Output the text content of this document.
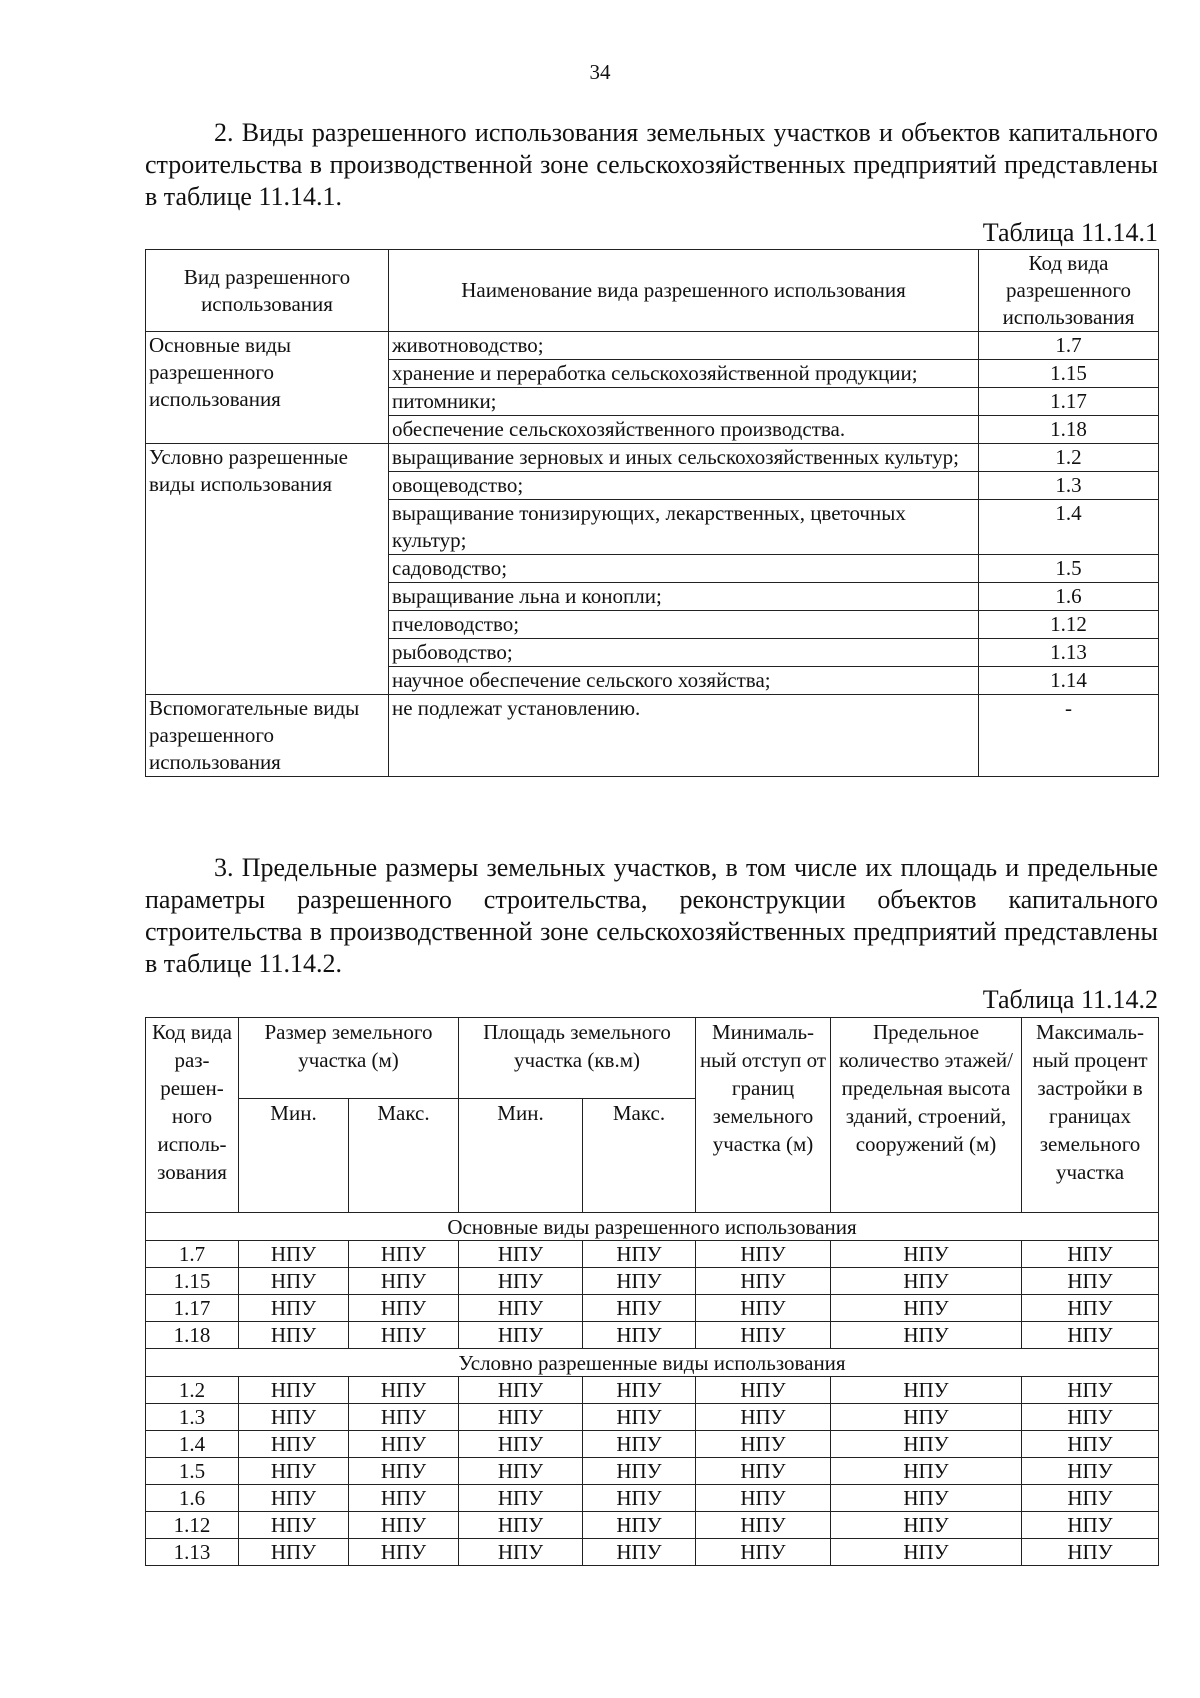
34

2. Виды разрешенного использования земельных участков и объектов капитального строительства в производственной зоне сельскохозяйственных предприятий представлены в таблице 11.14.1.

Таблица 11.14.1
Вид разрешенного использования	Наименование вида разрешенного использования	Код вида разрешенного использования
Основные виды разрешенного использования	животноводство;	1.7
	хранение и переработка сельскохозяйственной продукции;	1.15
	питомники;	1.17
	обеспечение сельскохозяйственного производства.	1.18
Условно разрешенные виды использования	выращивание зерновых и иных сельскохозяйственных культур;	1.2
	овощеводство;	1.3
	выращивание тонизирующих, лекарственных, цветочных культур;	1.4
	садоводство;	1.5
	выращивание льна и конопли;	1.6
	пчеловодство;	1.12
	рыбоводство;	1.13
	научное обеспечение сельского хозяйства;	1.14
Вспомогательные виды разрешенного использования	не подлежат установлению.	-

3. Предельные размеры земельных участков, в том числе их площадь и предельные параметры разрешенного строительства, реконструкции объектов капитального строительства в производственной зоне сельскохозяйственных предприятий представлены в таблице 11.14.2.

Таблица 11.14.2
Код вида раз- решен- ного исполь- зования	Размер земельного участка (м)		Площадь земельного участка (кв.м)		Минималь- ный отступ от границ земельного участка (м)	Предельное количество этажей/ предельная высота зданий, строений, сооружений (м)	Максималь- ный процент застройки в границах земельного участка
	Мин.	Макс.	Мин.	Макс.			
Основные виды разрешенного использования							
1.7	НПУ	НПУ	НПУ	НПУ	НПУ	НПУ	НПУ
1.15	НПУ	НПУ	НПУ	НПУ	НПУ	НПУ	НПУ
1.17	НПУ	НПУ	НПУ	НПУ	НПУ	НПУ	НПУ
1.18	НПУ	НПУ	НПУ	НПУ	НПУ	НПУ	НПУ
Условно разрешенные виды использования							
1.2	НПУ	НПУ	НПУ	НПУ	НПУ	НПУ	НПУ
1.3	НПУ	НПУ	НПУ	НПУ	НПУ	НПУ	НПУ
1.4	НПУ	НПУ	НПУ	НПУ	НПУ	НПУ	НПУ
1.5	НПУ	НПУ	НПУ	НПУ	НПУ	НПУ	НПУ
1.6	НПУ	НПУ	НПУ	НПУ	НПУ	НПУ	НПУ
1.12	НПУ	НПУ	НПУ	НПУ	НПУ	НПУ	НПУ
1.13	НПУ	НПУ	НПУ	НПУ	НПУ	НПУ	НПУ
